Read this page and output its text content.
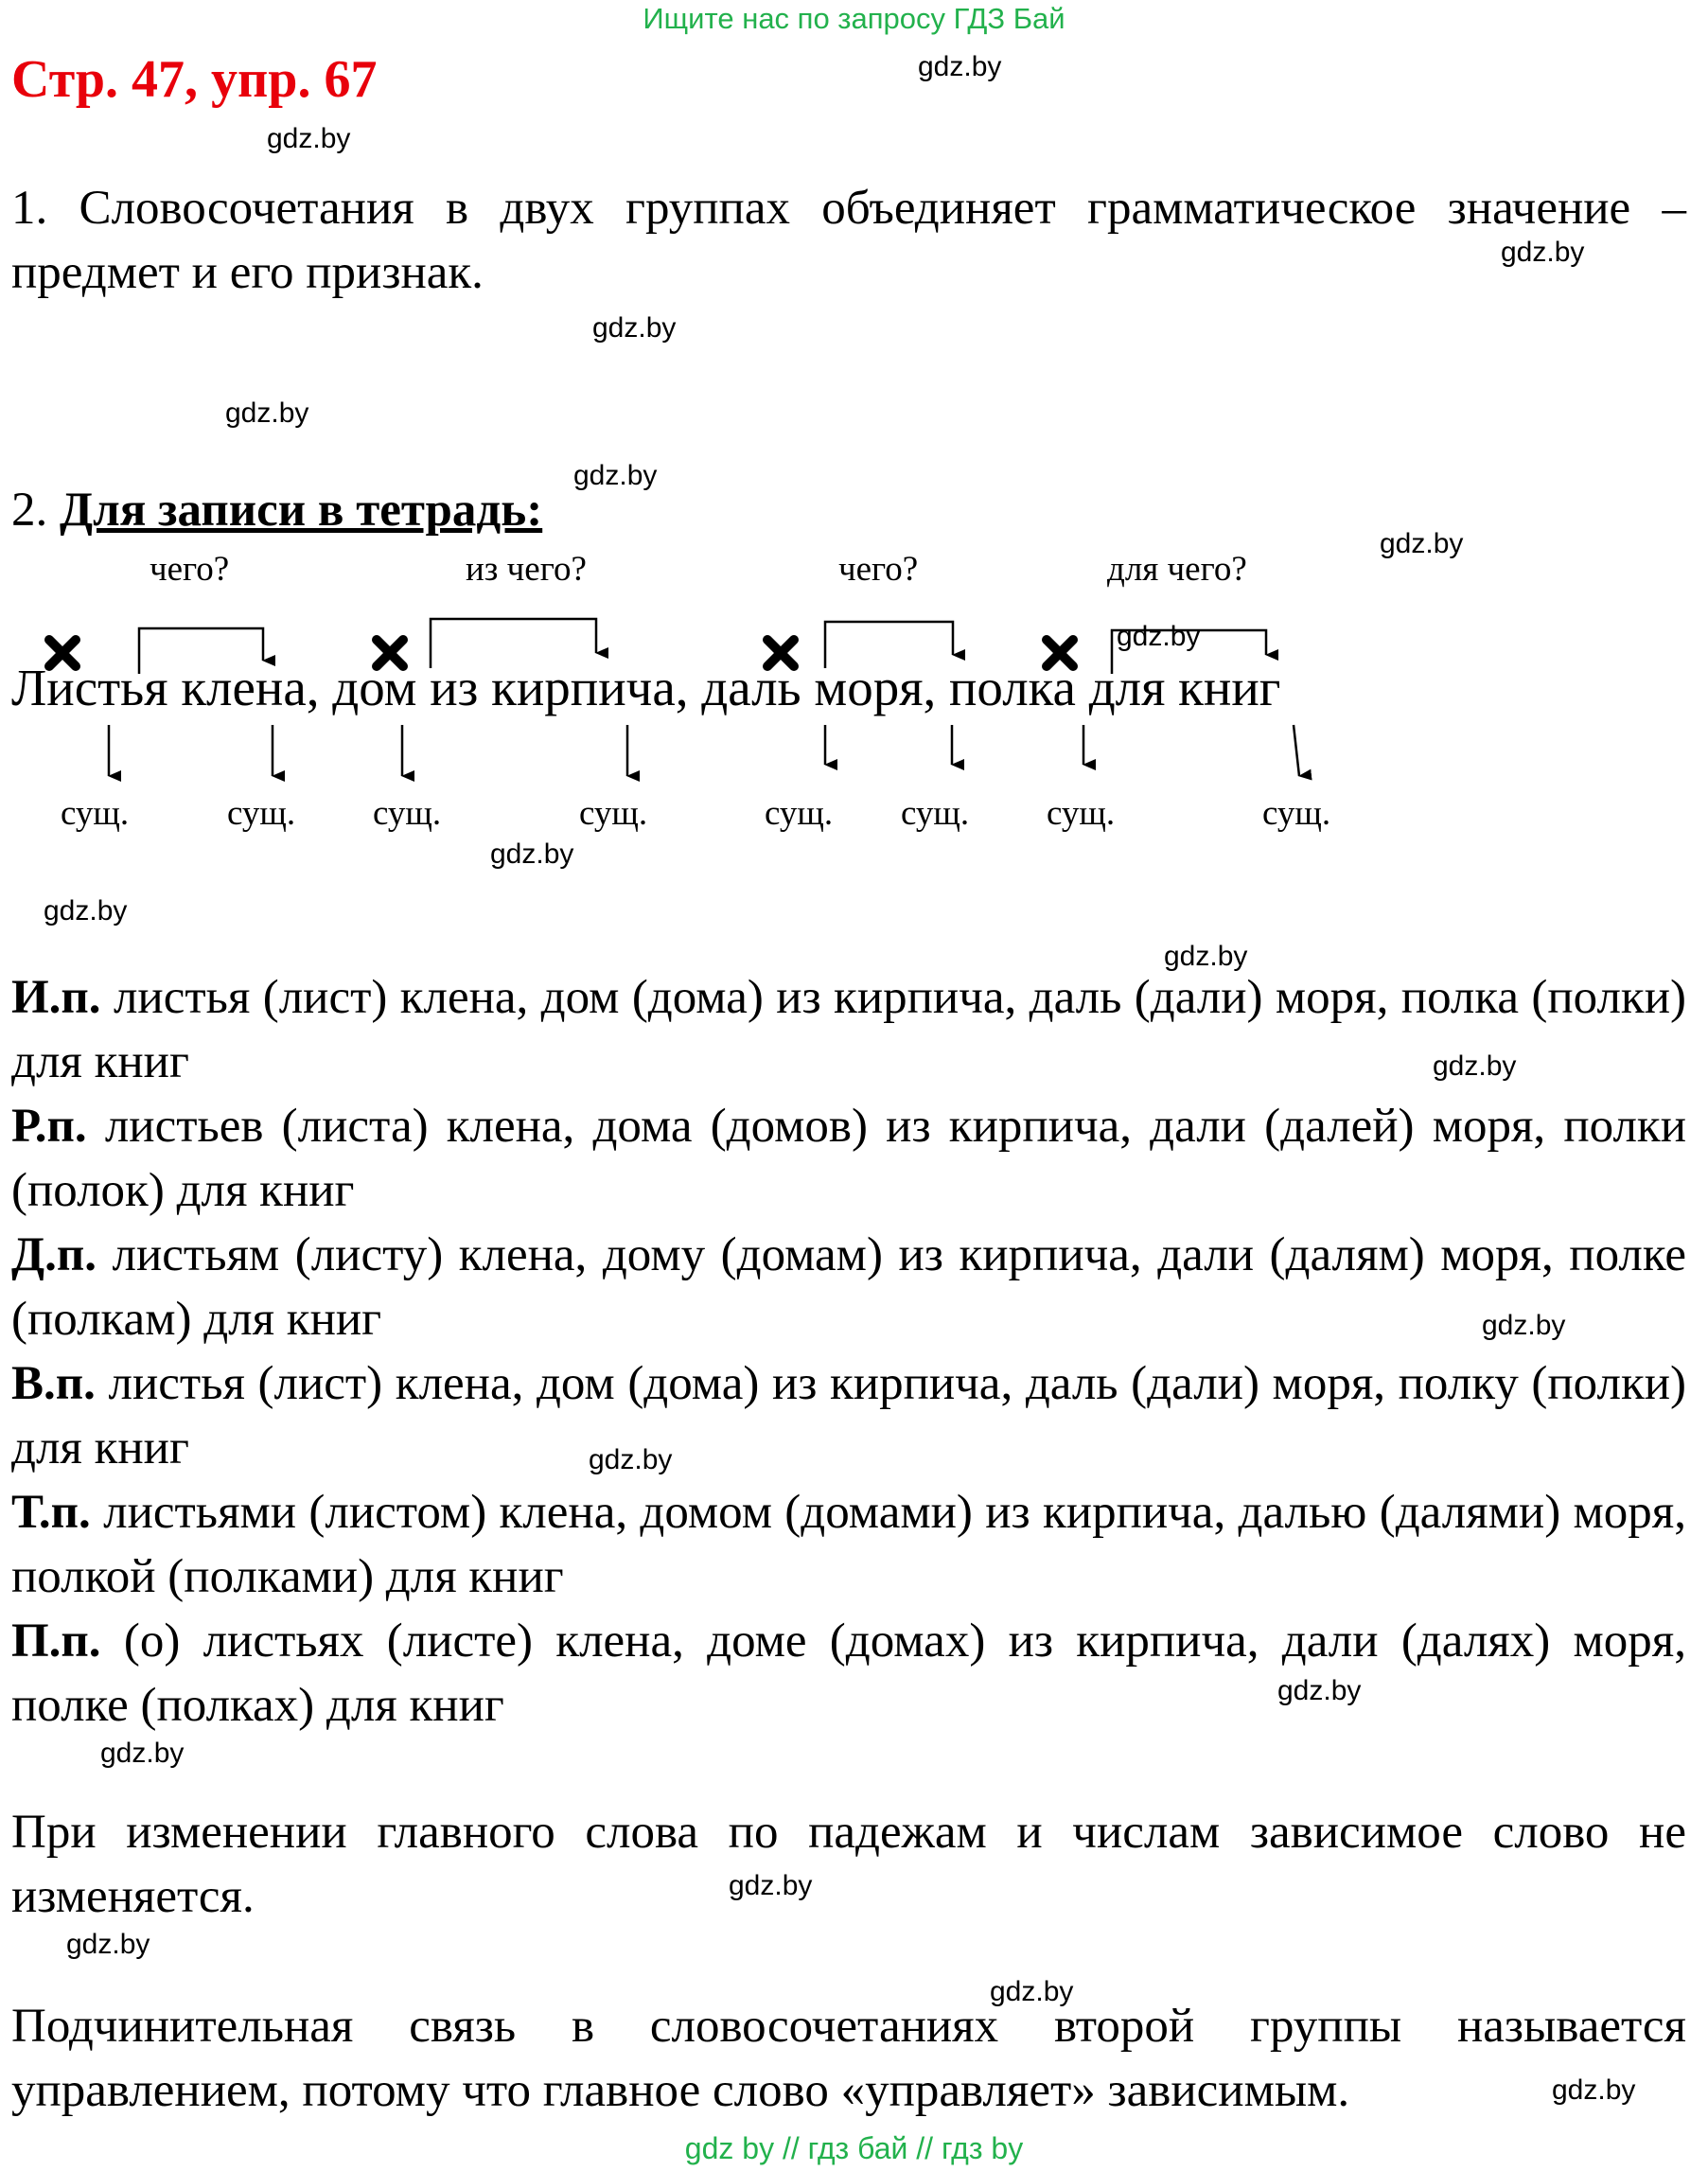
Ищите нас по запросу ГДЗ Бай
Стр. 47, упр. 67
1. Словосочетания в двух группах объединяет грамматическое значение – предмет и его признак.
2. Для записи в тетрадь:
чего?	из чего?	чего?	для чего?
Листья клена, дом из кирпича, даль моря, полка для книг
сущ.	сущ. сущ.	сущ.	сущ. сущ. сущ.	сущ.
И.п. листья (лист) клена, дом (дома) из кирпича, даль (дали) моря, полка (полки) для книг
Р.п. листьев (листа) клена, дома (домов) из кирпича, дали (далей) моря, полки (полок) для книг
Д.п. листьям (листу) клена, дому (домам) из кирпича, дали (далям) моря, полке (полкам) для книг
В.п. листья (лист) клена, дом (дома) из кирпича, даль (дали) моря, полку (полки) для книг
Т.п. листьями (листом) клена, домом (домами) из кирпича, далью (далями) моря, полкой (полками) для книг
П.п. (о) листьях (листе) клена, доме (домах) из кирпича, дали (далях) моря, полке (полках) для книг
При изменении главного слова по падежам и числам зависимое слово не изменяется.
Подчинительная связь в словосочетаниях второй группы называется управлением, потому что главное слово «управляет» зависимым.
gdz.by
gdz.by
gdz.by
gdz.by
gdz.by
gdz.by
gdz.by
gdz.by
gdz.by
gdz.by
gdz.by
gdz.by
gdz.by
gdz.by
gdz.by
gdz.by
gdz.by
gdz.by
gdz.by
gdz.by
gdz by // гдз бай // гдз by
